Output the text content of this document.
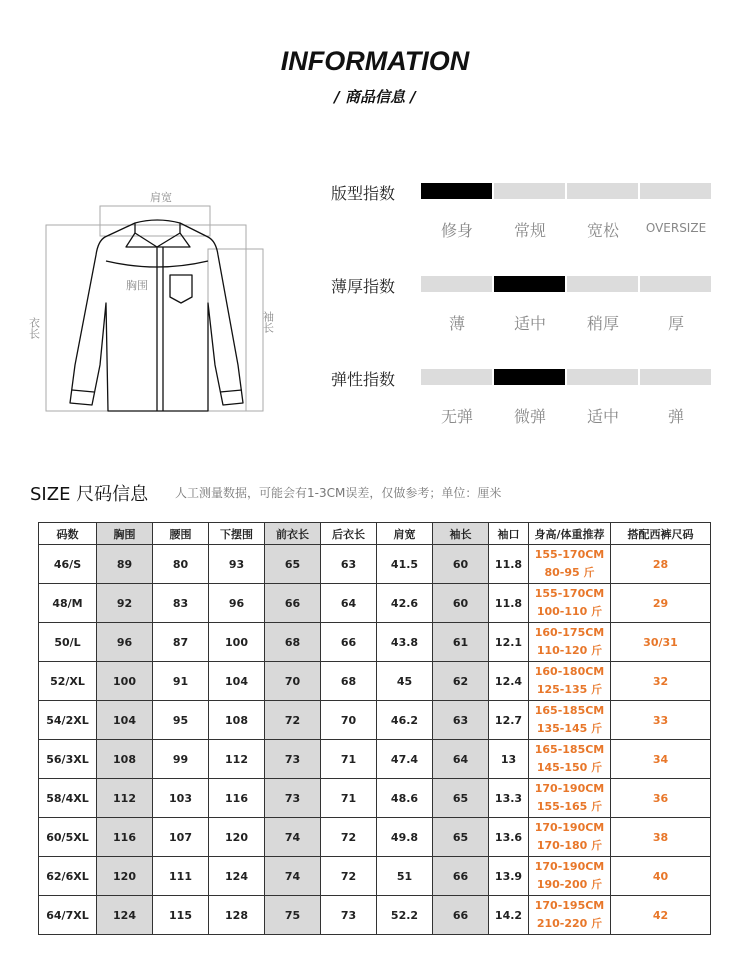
INFORMATION
/ 商品信息 /
肩宽
胸围
衣长	袖长
版型指数
修身	常规	宽松	OVERSIZE
薄厚指数
薄	适中	稍厚	厚
弹性指数
无弹	微弹	适中	弹
SIZE 尺码信息 人工测量数据，可能会有1-3CM误差，仅做参考；单位：厘米
码数	胸围	腰围	下摆围	前衣长	后衣长	肩宽	袖长	袖口	身高/体重推荐	搭配西裤尺码
46/S	89	80	93	65	63	41.5	60	11.8	155-170CM
80-95 斤	28
48/M	92	83	96	66	64	42.6	60	11.8	155-170CM
100-110 斤	29
50/L	96	87	100	68	66	43.8	61	12.1	160-175CM
110-120 斤	30/31
52/XL	100	91	104	70	68	45	62	12.4	160-180CM
125-135 斤	32
54/2XL	104	95	108	72	70	46.2	63	12.7	165-185CM
135-145 斤	33
56/3XL	108	99	112	73	71	47.4	64	13	165-185CM
145-150 斤	34
58/4XL	112	103	116	73	71	48.6	65	13.3	170-190CM
155-165 斤	36
60/5XL	116	107	120	74	72	49.8	65	13.6	170-190CM
170-180 斤	38
62/6XL	120	111	124	74	72	51	66	13.9	170-190CM
190-200 斤	40
64/7XL	124	115	128	75	73	52.2	66	14.2	170-195CM
210-220 斤	42
